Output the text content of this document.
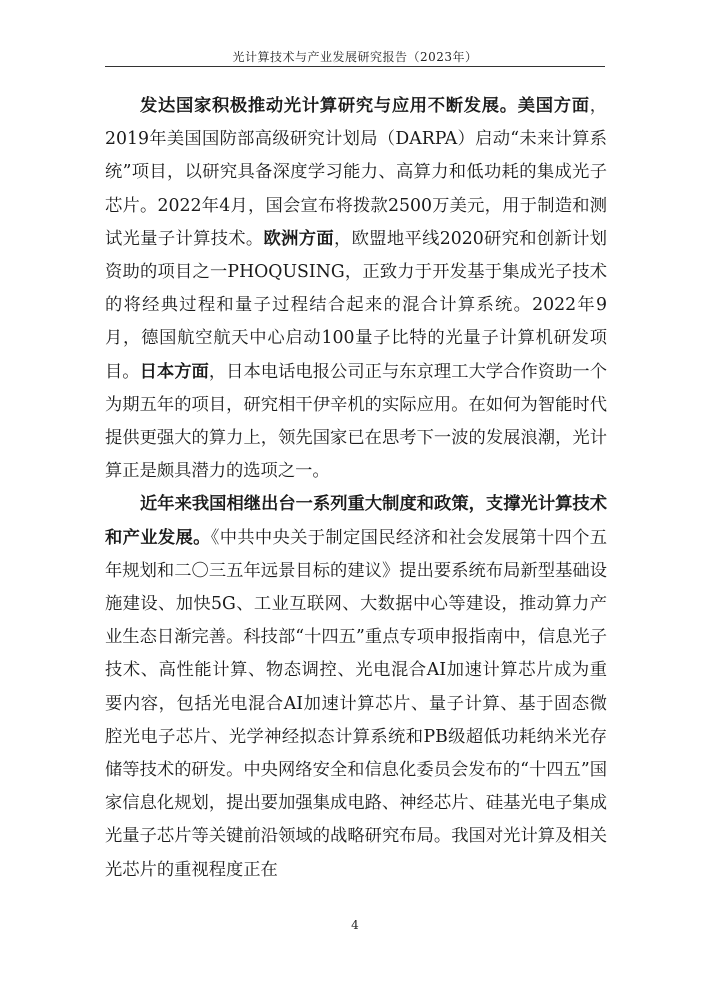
光计算技术与产业发展研究报告（2023年）

发达国家积极推动光计算研究与应用不断发展。美国方面，2019年美国国防部高级研究计划局（DARPA）启动“未来计算系统”项目，以研究具备深度学习能力、高算力和低功耗的集成光子芯片。2022年4月，国会宣布将拨款2500万美元，用于制造和测试光量子计算技术。欧洲方面，欧盟地平线2020研究和创新计划资助的项目之一PHOQUSING，正致力于开发基于集成光子技术的将经典过程和量子过程结合起来的混合计算系统。2022年9月，德国航空航天中心启动100量子比特的光量子计算机研发项目。日本方面，日本电话电报公司正与东京理工大学合作资助一个为期五年的项目，研究相干伊辛机的实际应用。在如何为智能时代提供更强大的算力上，领先国家已在思考下一波的发展浪潮，光计算正是颇具潜力的选项之一。

近年来我国相继出台一系列重大制度和政策，支撑光计算技术和产业发展。《中共中央关于制定国民经济和社会发展第十四个五年规划和二〇三五年远景目标的建议》提出要系统布局新型基础设施建设、加快5G、工业互联网、大数据中心等建设，推动算力产业生态日渐完善。科技部“十四五”重点专项申报指南中，信息光子技术、高性能计算、物态调控、光电混合AI加速计算芯片成为重要内容，包括光电混合AI加速计算芯片、量子计算、基于固态微腔光电子芯片、光学神经拟态计算系统和PB级超低功耗纳米光存储等技术的研发。中央网络安全和信息化委员会发布的“十四五”国家信息化规划，提出要加强集成电路、神经芯片、硅基光电子集成光量子芯片等关键前沿领域的战略研究布局。我国对光计算及相关光芯片的重视程度正在

4
